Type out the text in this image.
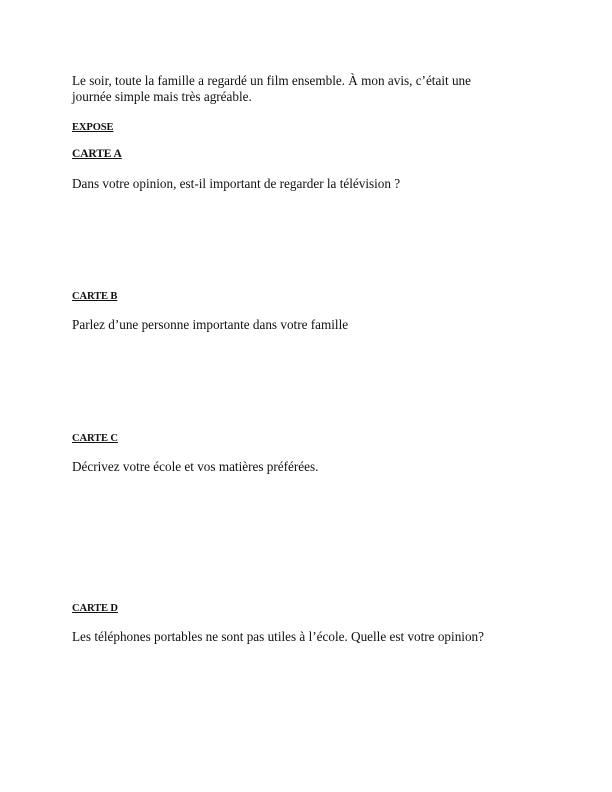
Le soir, toute la famille a regardé un film ensemble. À mon avis, c’était une
journée simple mais très agréable.

EXPOSE

CARTE A

Dans votre opinion, est-il important de regarder la télévision ?

CARTE B

Parlez d’une personne importante dans votre famille

CARTE C

Décrivez votre école et vos matières préférées.

CARTE D

Les téléphones portables ne sont pas utiles à l’école. Quelle est votre opinion?
